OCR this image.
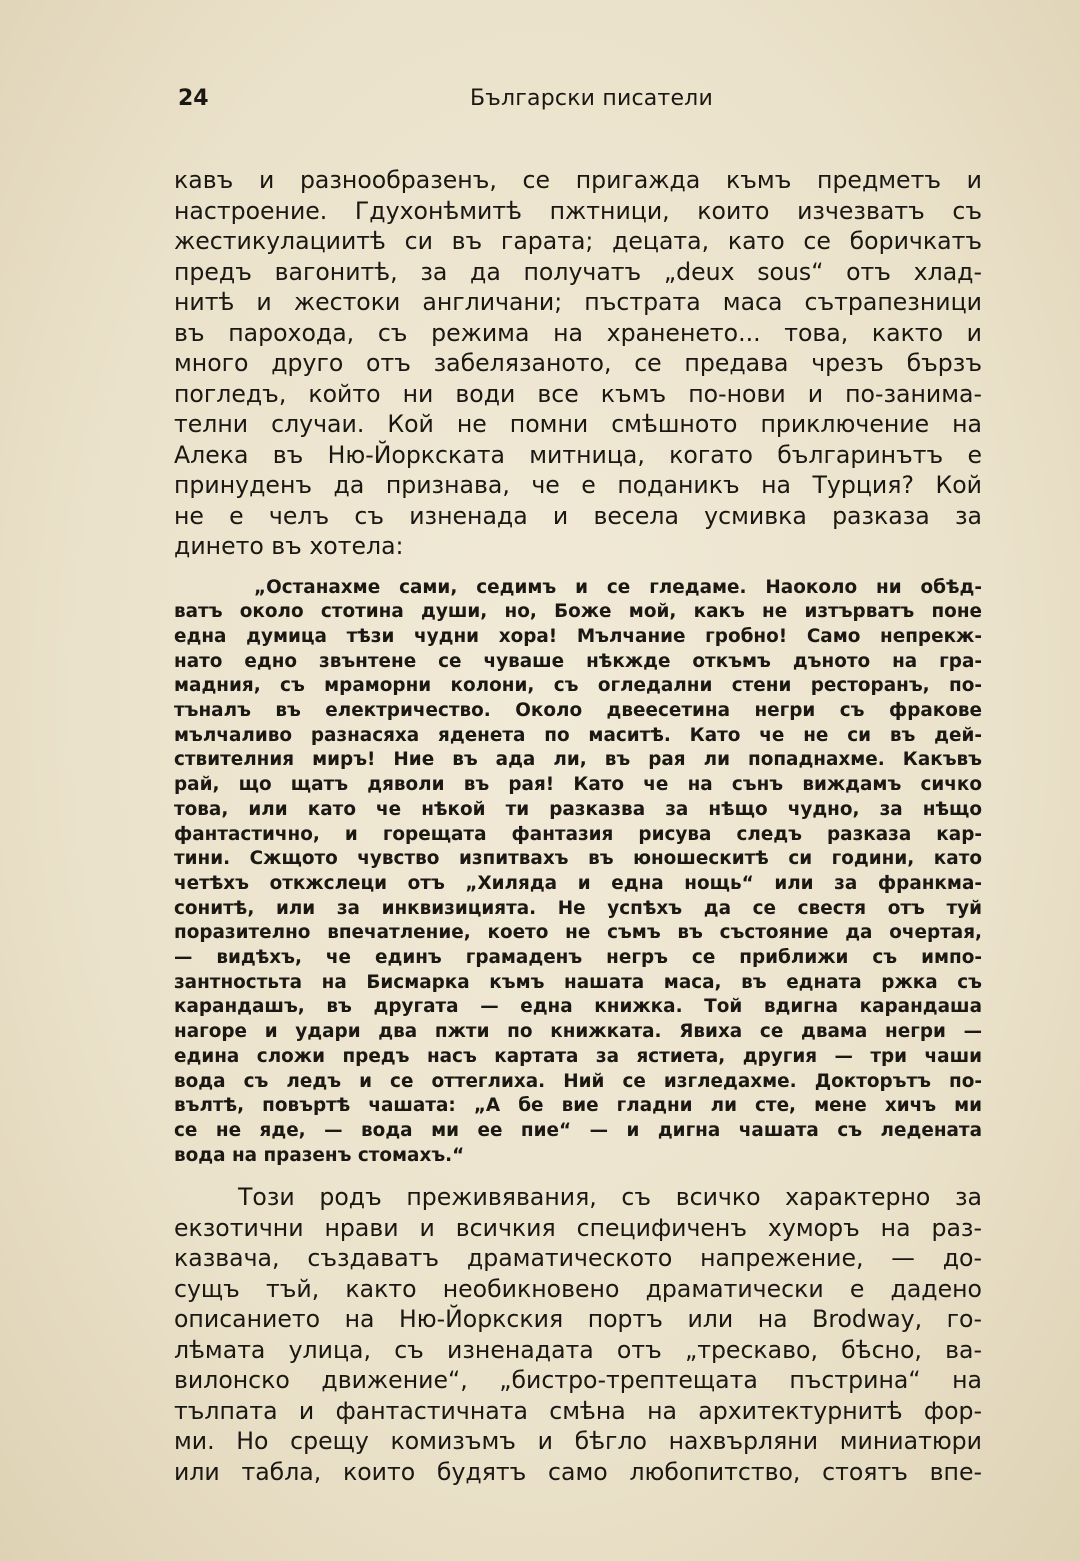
24	Български писатели

кавъ и разнообразенъ, се пригажда къмъ предметъ и
настроение. Гдухонѣмитѣ пжтници, които изчезватъ съ
жестикулациитѣ си въ гарата; децата, като се боричкатъ
предъ вагонитѣ, за да получатъ „deux sous“ отъ хлад-
нитѣ и жестоки англичани; пъстрата маса сътрапезници
въ парохода, съ режима на храненето... това, както и
много друго отъ забелязаното, се предава чрезъ бързъ
погледъ, който ни води все къмъ по-нови и по-занима-
телни случаи. Кой не помни смѣшното приключение на
Алека въ Ню-Йоркската митница, когато българинътъ е
принуденъ да признава, че е поданикъ на Турция? Кой
не е челъ съ изненада и весела усмивка разказа за
динето въ хотела:

„Останахме сами, седимъ и се гледаме. Наоколо ни обѣд-
ватъ около стотина души, но, Боже мой, какъ не изтърватъ поне
една думица тѣзи чудни хора! Мълчание гробно! Само непрекж-
нато едно звънтене се чуваше нѣкжде откъмъ дъното на гра-
мадния, съ мраморни колони, съ огледални стени ресторанъ, по-
тъналъ въ електричество. Около двеесетина негри съ фракове
мълчаливо разнасяха яденета по маситѣ. Като че не си въ дей-
ствителния миръ! Ние въ ада ли, въ рая ли попаднахме. Какъвъ
рай, що щатъ дяволи въ рая! Като че на сънъ виждамъ сичко
това, или като че нѣкой ти разказва за нѣщо чудно, за нѣщо
фантастично, и горещата фантазия рисува следъ разказа кар-
тини. Сжщото чувство изпитвахъ въ юношескитѣ си години, като
четѣхъ откжслеци отъ „Хиляда и една нощь“ или за франкма-
сонитѣ, или за инквизицията. Не успѣхъ да се свестя отъ туй
поразително впечатление, което не съмъ въ състояние да очертая,
— видѣхъ, че единъ грамаденъ негръ се приближи съ импо-
зантностьта на Бисмарка къмъ нашата маса, въ едната ржка съ
карандашъ, въ другата — една книжка. Той вдигна карандаша
нагоре и удари два пжти по книжката. Явиха се двама негри —
едина сложи предъ насъ картата за ястиета, другия — три чаши
вода съ ледъ и се оттеглиха. Ний се изгледахме. Докторътъ по-
вълтѣ, повъртѣ чашата: „А бе вие гладни ли сте, мене хичъ ми
се не яде, — вода ми ее пие“ — и дигна чашата съ ледената
вода на празенъ стомахъ.“

Този родъ преживявания, съ всичко характерно за
екзотични нрави и всичкия специфиченъ хуморъ на раз-
казвача, създаватъ драматическото напрежение, — до-
сущъ тъй, както необикновено драматически е дадено
описанието на Ню-Йоркския портъ или на Brodway, го-
лѣмата улица, съ изненадата отъ „трескаво, бѣсно, ва-
вилонско движение“, „бистро-трептещата пъстрина“ на
тълпата и фантастичната смѣна на архитектурнитѣ фор-
ми. Но срещу комизъмъ и бѣгло нахвърляни миниатюри
или табла, които будятъ само любопитство, стоятъ впе-
